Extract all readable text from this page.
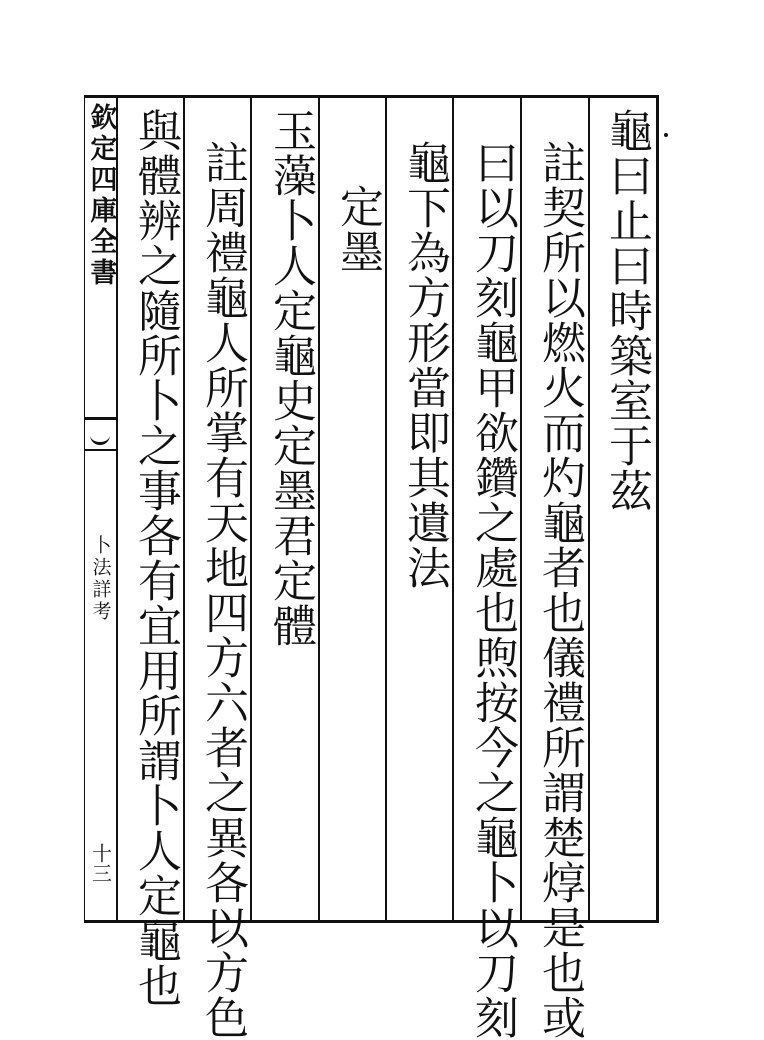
欽定四庫全書
卜法詳考
十三
龜曰止曰時築室于茲
註契所以燃火而灼龜者也儀禮所謂楚焞是也或
曰以刀刻龜甲欲鑽之處也煦按今之龜卜以刀刻
龜下為方形當即其遺法
定墨
玉藻卜人定龜史定墨君定體
註周禮龜人所掌有天地四方六者之異各以方色
與體辨之隨所卜之事各有宜用所謂卜人定龜也
